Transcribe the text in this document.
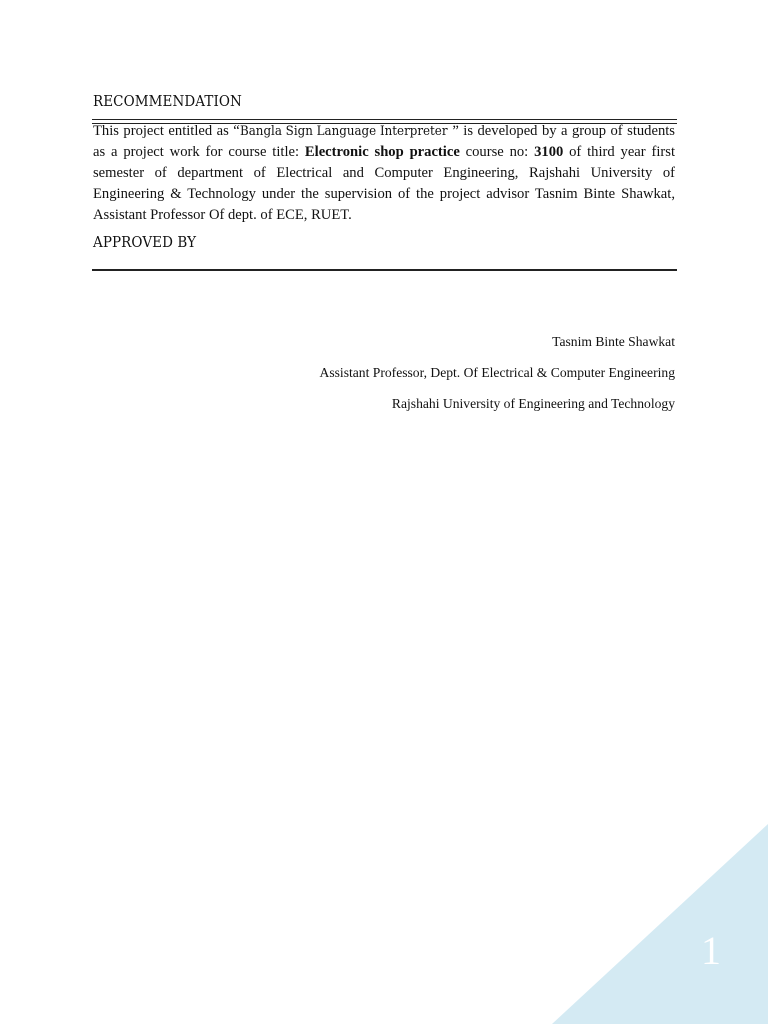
RECOMMENDATION
This project entitled as “Bangla Sign Language Interpreter ” is developed by a group of students as a project work for course title: Electronic shop practice course no: 3100 of third year first semester of department of Electrical and Computer Engineering, Rajshahi University of Engineering & Technology under the supervision of the project advisor Tasnim Binte Shawkat, Assistant Professor Of dept. of ECE, RUET.
APPROVED BY
Tasnim Binte Shawkat
Assistant Professor, Dept. Of Electrical & Computer Engineering
Rajshahi University of Engineering and Technology
1
